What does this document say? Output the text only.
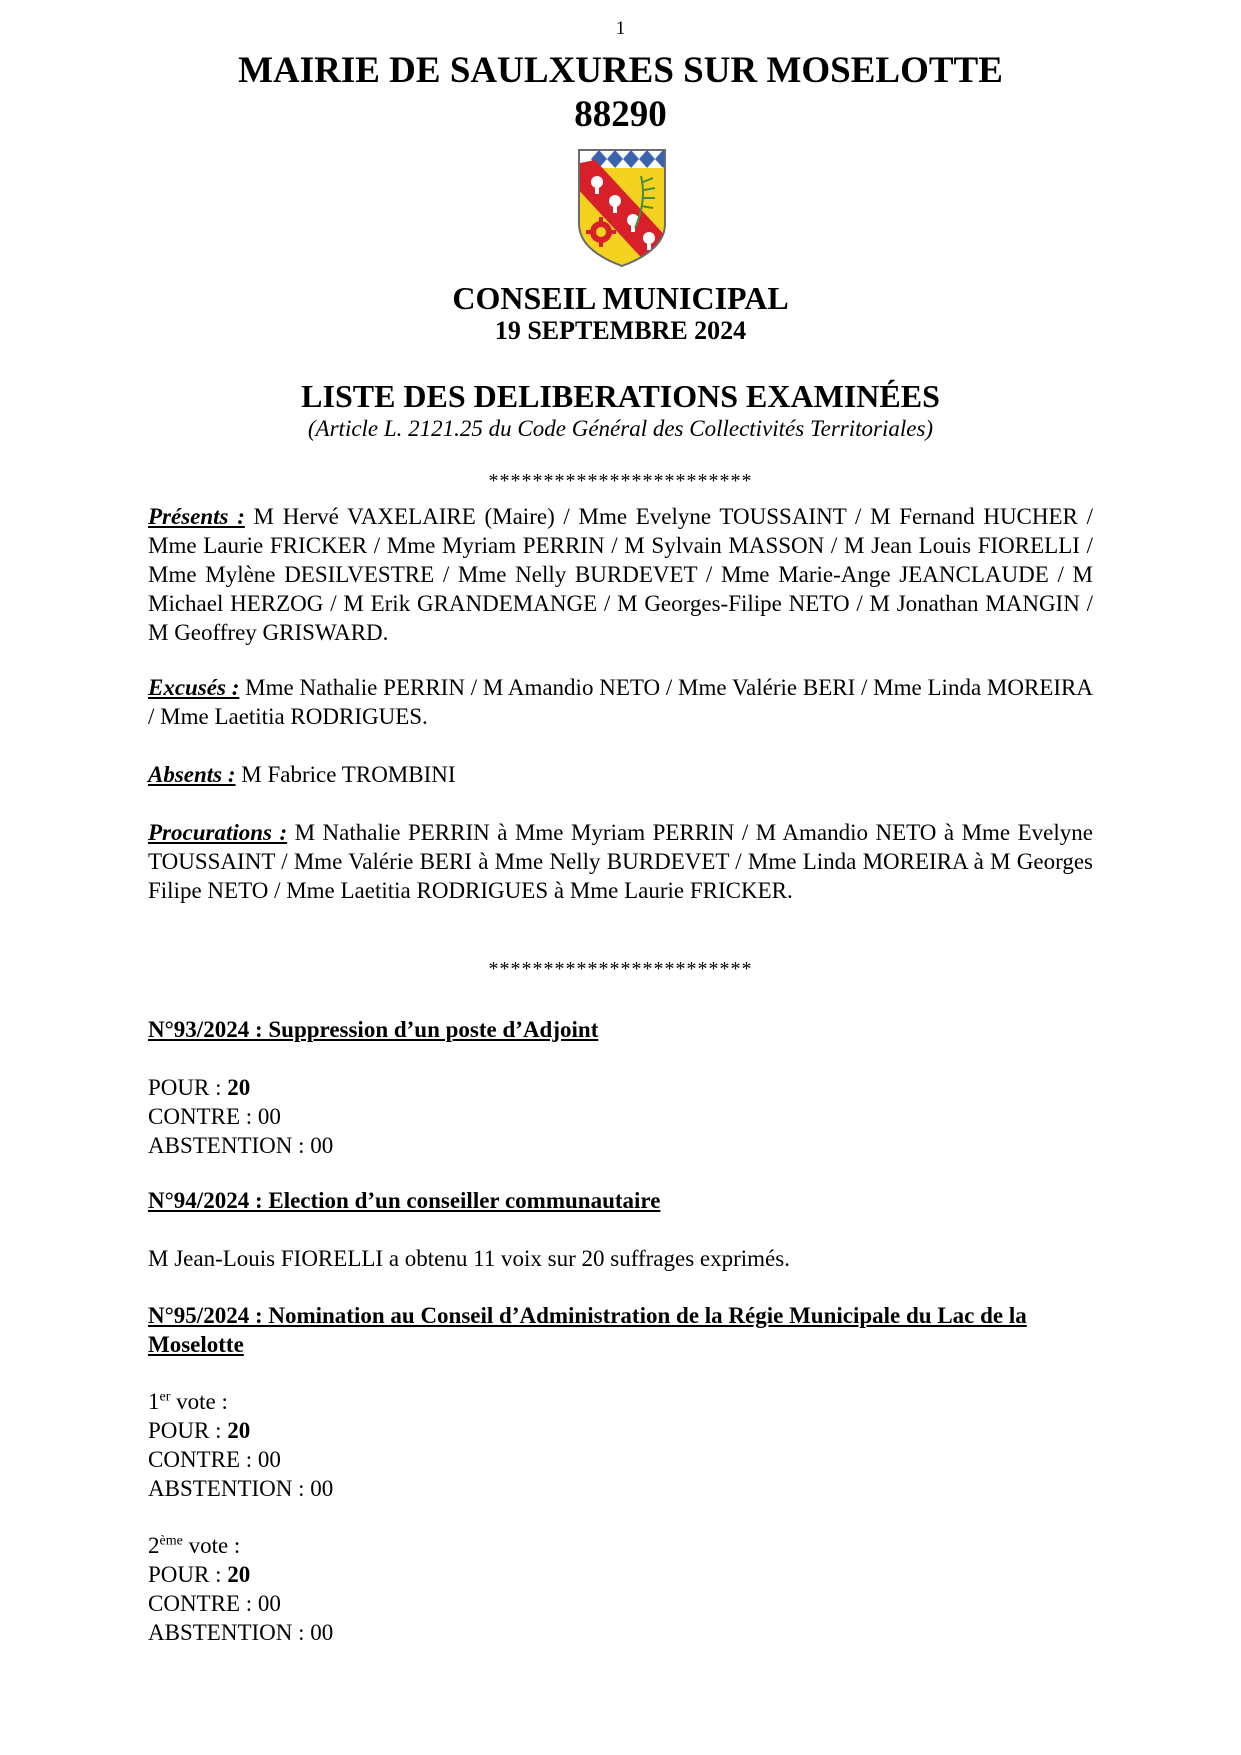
1
MAIRIE DE SAULXURES SUR MOSELOTTE
88290
CONSEIL MUNICIPAL
19 SEPTEMBRE 2024
LISTE DES DELIBERATIONS EXAMINÉES
(Article L. 2121.25 du Code Général des Collectivités Territoriales)
************************
Présents : M Hervé VAXELAIRE (Maire) / Mme Evelyne TOUSSAINT / M Fernand HUCHER / Mme Laurie FRICKER / Mme Myriam PERRIN / M Sylvain MASSON / M Jean Louis FIORELLI / Mme Mylène DESILVESTRE / Mme Nelly BURDEVET / Mme Marie-Ange JEANCLAUDE / M Michael HERZOG / M Erik GRANDEMANGE / M Georges-Filipe NETO / M Jonathan MANGIN / M Geoffrey GRISWARD.
Excusés : Mme Nathalie PERRIN / M Amandio NETO / Mme Valérie BERI / Mme Linda MOREIRA / Mme Laetitia RODRIGUES.
Absents : M Fabrice TROMBINI
Procurations : M Nathalie PERRIN à Mme Myriam PERRIN / M Amandio NETO à Mme Evelyne TOUSSAINT / Mme Valérie BERI à Mme Nelly BURDEVET / Mme Linda MOREIRA à M Georges Filipe NETO / Mme Laetitia RODRIGUES à Mme Laurie FRICKER.
************************
N°93/2024 : Suppression d’un poste d’Adjoint
POUR : 20
CONTRE : 00
ABSTENTION : 00
N°94/2024 : Election d’un conseiller communautaire
M Jean-Louis FIORELLI a obtenu 11 voix sur 20 suffrages exprimés.
N°95/2024 : Nomination au Conseil d’Administration de la Régie Municipale du Lac de la Moselotte
1er vote :
POUR : 20
CONTRE : 00
ABSTENTION : 00
2ème vote :
POUR : 20
CONTRE : 00
ABSTENTION : 00
